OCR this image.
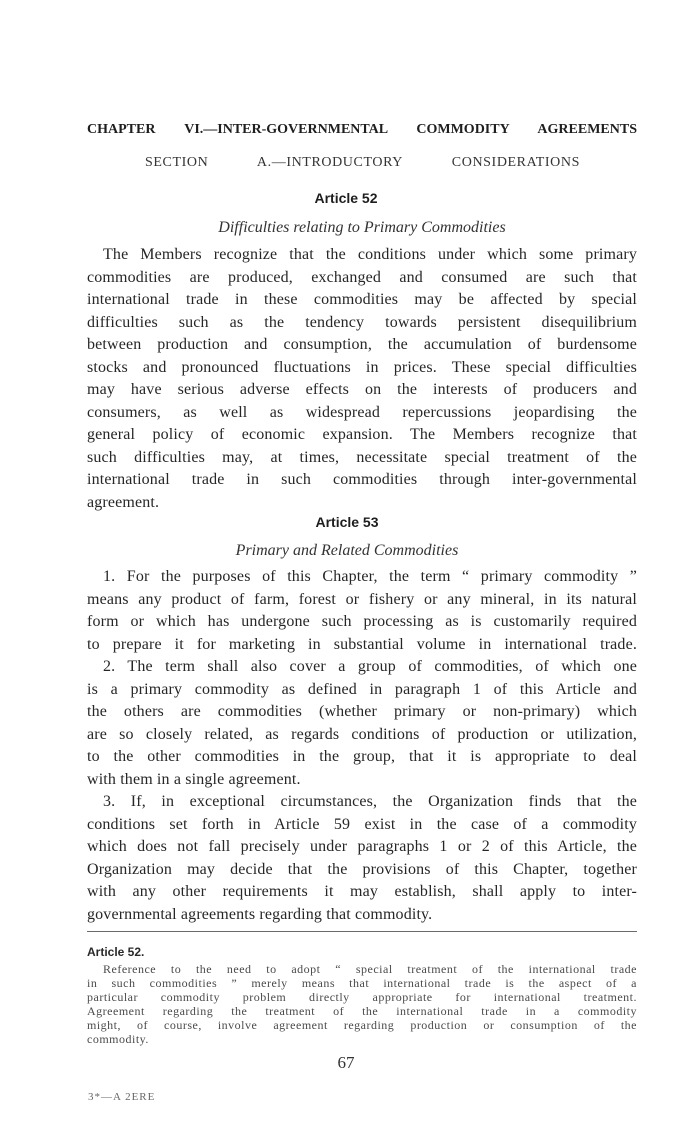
CHAPTER VI.—INTER-GOVERNMENTAL COMMODITY AGREEMENTS
SECTION A.—INTRODUCTORY CONSIDERATIONS
Article 52
Difficulties relating to Primary Commodities
The Members recognize that the conditions under which some primary
commodities are produced, exchanged and consumed are such that
international trade in these commodities may be affected by special
difficulties such as the tendency towards persistent disequilibrium
between production and consumption, the accumulation of burdensome
stocks and pronounced fluctuations in prices. These special difficulties
may have serious adverse effects on the interests of producers and
consumers, as well as widespread repercussions jeopardising the
general policy of economic expansion. The Members recognize that
such difficulties may, at times, necessitate special treatment of the
international trade in such commodities through inter-governmental
agreement.
Article 53
Primary and Related Commodities
1. For the purposes of this Chapter, the term “ primary commodity ”
means any product of farm, forest or fishery or any mineral, in its natural
form or which has undergone such processing as is customarily required
to prepare it for marketing in substantial volume in international trade.
2. The term shall also cover a group of commodities, of which one
is a primary commodity as defined in paragraph 1 of this Article and
the others are commodities (whether primary or non-primary) which
are so closely related, as regards conditions of production or utilization,
to the other commodities in the group, that it is appropriate to deal
with them in a single agreement.
3. If, in exceptional circumstances, the Organization finds that the
conditions set forth in Article 59 exist in the case of a commodity
which does not fall precisely under paragraphs 1 or 2 of this Article, the
Organization may decide that the provisions of this Chapter, together
with any other requirements it may establish, shall apply to inter-
governmental agreements regarding that commodity.
Article 52.
Reference to the need to adopt “ special treatment of the international trade
in such commodities ” merely means that international trade is the aspect of a
particular commodity problem directly appropriate for international treatment.
Agreement regarding the treatment of the international trade in a commodity
might, of course, involve agreement regarding production or consumption of the
commodity.
67
3*—A 2ERE
